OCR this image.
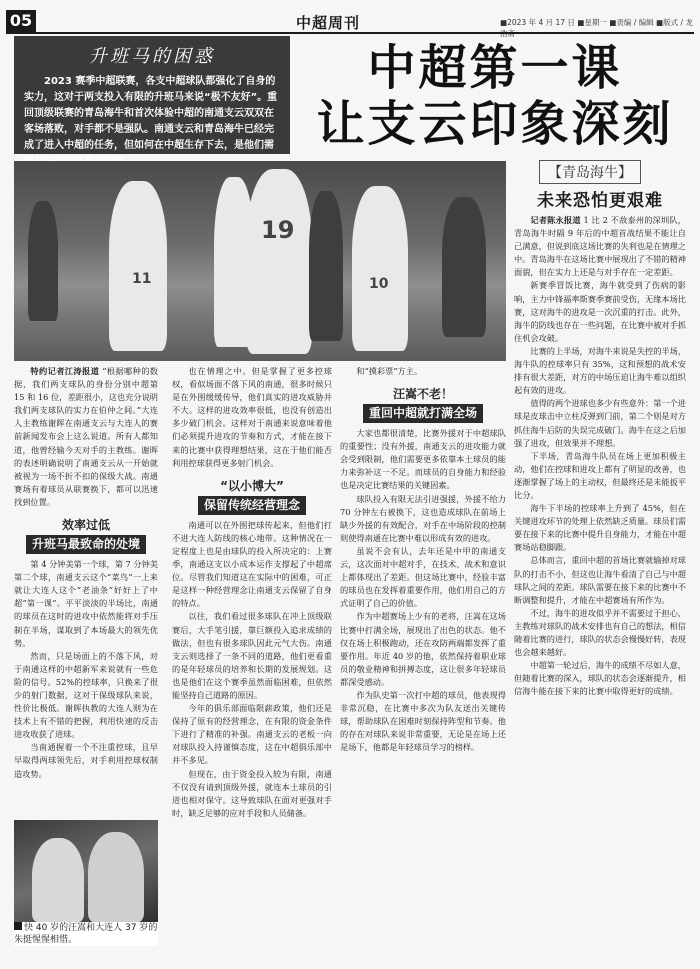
05	中超周刊	■2023 年 4 月 17 日 ■星期一 ■责编 / 编辑 ■版式 / 龙
升班马的困惑
2023 赛季中超联赛，各支中超球队都强化了自身的实力，这对于两支投入有限的升班马来说“极不友好”。重回顶级联赛的青岛海牛和首次体验中超的南通支云双双在客场落败，对手都不是强队。南通支云和青岛海牛已经完成了进入中超的任务，但如何在中超生存下去，是他们需
中超第一课
让支云印象深刻
11
19
10
快 40 岁的汪嵩和大连人 37 岁的朱挺惺惺相惜。

特约记者江涛报道 “根据哪种的数据，我们两支球队的身份分别中超第 15 和 16 位，差距很小，这也充分说明我们两支球队的实力在伯仲之间。”大连人主教练谢晖在南通支云与大连人的赛前新闻发布会上这么说道。所有人都知道，他曾经输今天对手的主教练。谢晖的表述明确说明了南通支云从一开始就被视为一场不折不扣的保级大战。南通赛场有着球员从联赛换下，都可以迅速找到位置。

效率过低
升班马最致命的处境

第 4 分钟美第一个球，第 7 分钟美第二个球，南通支云这个“菜鸟”一上来就让大连人这个“老油条”好好上了中超“第一课”。平平淡淡的半场比，南通的球员在这时的进攻中依然能将对手压制在半场，谋取到了本场最大的领先优势。

然而，只是场面上的不落下风，对于南通这样的中超新军来说就有一些危险的信号。52%的控球率，只换来了很少的射门数据，这对于保级球队来说，性价比极低。谢晖执教的大连人则为在技术上有不错的把握，利用快速的反击进攻收获了进球。

当南通握着一个不注重控球，且早早取得两球领先后，对手利用控球权制造攻势。

也在情理之中。但是掌握了更多控球权，看似场面不落下风的南通，很多时候只是在外围缓缓传导，他们真实的进攻威胁并不大。这样的进攻效率很低，也没有创造出多少破门机会。这样对于南通来说意味着他们必须提升进攻的节奏和方式，才能在接下来的比赛中获得理想结果，这在于他们能否利用控球获得更多射门机会。

“以小博大”
保留传统经营理念

南通可以在外围把球传起来，但他们打不进大连人防线的核心地带。这种情况在一定程度上也是由球队的投入所决定的：上赛季，南通这支以小成本运作支撑起了中超席位。尽管我们知道这在实际中的困难，可正是这样一种经营理念让南通支云保留了自身的特点。

以往，我们看过很多球队在冲上顶级联赛后，大手笔引援，靠巨额投入追求成绩的做法，但也有很多球队因此元气大伤。南通支云则选择了一条不同的道路，他们更看重的是年轻球员的培养和长期的发展规划。这也是他们在这个赛季虽然面临困难，但依然能坚持自己道路的原因。

今年的俱乐部面临限薪政策，他们还是保持了原有的经营理念，在有限的资金条件下进行了精准的补强。南通支云的老板一向对球队投入持谨慎态度，这在中超俱乐部中并不多见。

但现在，由于资金投入较为有限，南通不仅没有请到顶级外援，就连本土球员的引进也相对保守。这导致球队在面对更强对手时，缺乏足够的应对手段和人员储备。

和“摸彩票”方主。

汪嵩不老！
重回中超就打满全场

大家也都很清楚，比赛外援对于中超球队的重要性；没有外援，南通支云的进攻能力就会受到限制，他们需要更多依靠本土球员的能力来弥补这一不足。而球员的自身能力和经验也是决定比赛结果的关键因素。

球队投入有限无法引进强援，外援不给力 70 分钟左右被换下，这也造成球队在前场上缺少外援的有效配合，对手在中场阶段的控制则使得南通在比赛中难以形成有效的进攻。

虽说不会有认，去年还是中甲的南通支云，这次面对中超对手，在技术、战术和意识上都体现出了差距。但这场比赛中，经验丰富的球员也在发挥着重要作用，他们用自己的方式证明了自己的价值。

作为中超赛场上少有的老将，汪嵩在这场比赛中打满全场，展现出了出色的状态。他不仅在场上积极跑动，还在攻防两端都发挥了重要作用。年近 40 岁的他，依然保持着职业球员的敬业精神和拼搏态度，这让很多年轻球员都深受感动。

作为队史第一次打中超的球员，他表现得非常沉稳，在比赛中多次为队友送出关键传球，帮助球队在困难时刻保持阵型和节奏。他的存在对球队来说非常重要，无论是在场上还是场下，他都是年轻球员学习的榜样。

【青岛海牛】
未来恐怕更艰难

记者陈永报道 1 比 2 不敌泰州的深圳队，青岛海牛时隔 9 年后的中超首战结果不能让自己满意，但说到底这场比赛的失利也是在情理之中。青岛海牛在这场比赛中展现出了不错的精神面貌，但在实力上还是与对手存在一定差距。

新赛季冒饭比赛，海牛就受到了伤病的影响，主力中锋福率斯赛季赛前受伤，无缘本场比赛，这对海牛的进攻是一次沉重的打击。此外，海牛的防线也存在一些问题，在比赛中被对手抓住机会攻破。

比赛的上半场，对海牛来说是失控的半场，海牛队的控球率只有 35%，这和预想的战术安排有很大差距，对方的中场压迫让海牛难以组织起有效的进攻。

值得的两个进球也多少有些意外：第一个进球是皮球击中立柱反弹到门前，第二个则是对方抓住海牛后防的失误完成破门。海牛在这之后加强了进攻，但效果并不理想。

下半场，青岛海牛队员在场上更加积极主动，他们在控球和进攻上都有了明显的改善，也逐渐掌握了场上的主动权，但最终还是未能扳平比分。

海牛下半场的控球率上升到了 45%，但在关键进攻环节的处理上依然缺乏质量。球员们需要在接下来的比赛中提升自身能力，才能在中超赛场站稳脚跟。

总体而言，重回中超的首场比赛就输掉对球队的打击不小，但这也让海牛看清了自己与中超球队之间的差距。球队需要在接下来的比赛中不断调整和提升，才能在中超赛场有所作为。

不过，海牛的进攻似乎并不需要过于担心，主教练对球队的战术安排也有自己的想法，相信随着比赛的进行，球队的状态会慢慢好转，表现也会越来越好。

中超第一轮过后，海牛的成绩不尽如人意，但随着比赛的深入，球队的状态会逐渐提升，相信海牛能在接下来的比赛中取得更好的成绩。
